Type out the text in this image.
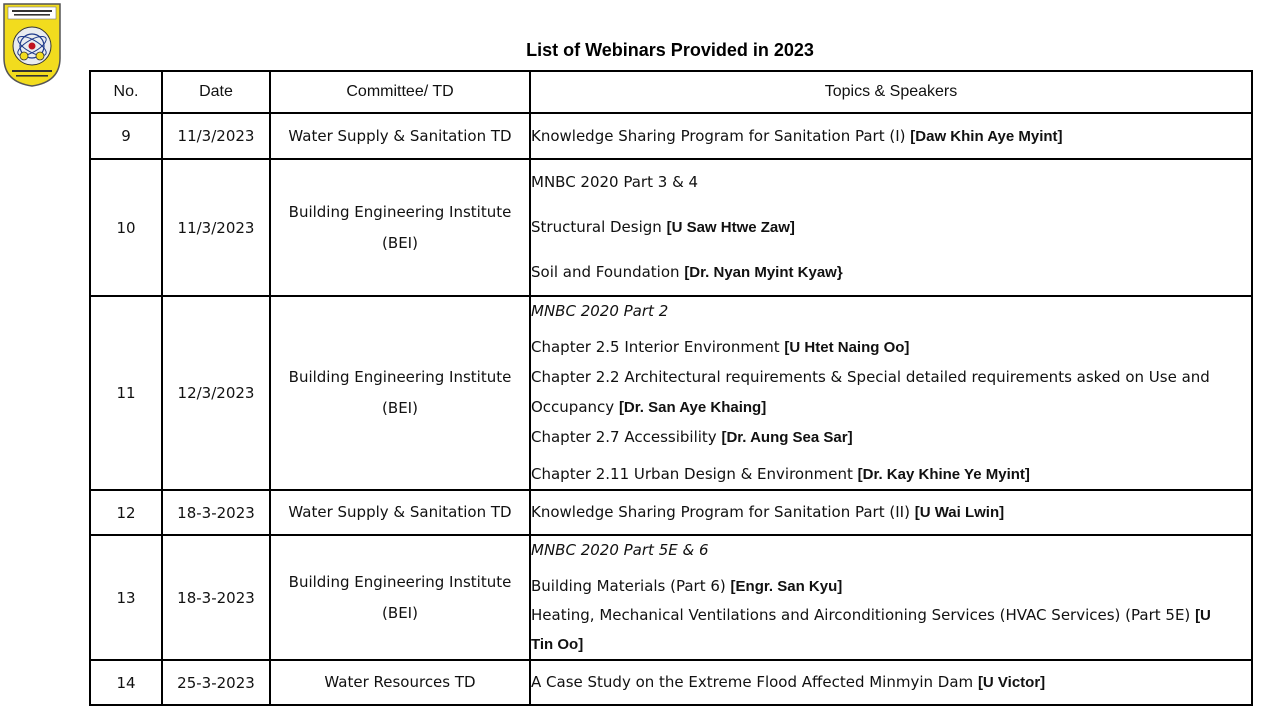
List of Webinars Provided in 2023
No.	Date	Committee/ TD	Topics & Speakers
9	11/3/2023	Water Supply & Sanitation TD	Knowledge Sharing Program for Sanitation Part (I) [Daw Khin Aye Myint]

10	11/3/2023	Building Engineering Institute
(BEI)	MNBC 2020 Part 3 & 4
Structural Design [U Saw Htwe Zaw]
Soil and Foundation [Dr. Nyan Myint Kyaw}

11	12/3/2023	Building Engineering Institute
(BEI)	MNBC 2020 Part 2
Chapter 2.5 Interior Environment [U Htet Naing Oo]
Chapter 2.2 Architectural requirements & Special detailed requirements asked on Use and Occupancy [Dr. San Aye Khaing]
Chapter 2.7 Accessibility [Dr. Aung Sea Sar]
Chapter 2.11 Urban Design & Environment [Dr. Kay Khine Ye Myint]

12	18-3-2023	Water Supply & Sanitation TD	Knowledge Sharing Program for Sanitation Part (II) [U Wai Lwin]

13	18-3-2023	Building Engineering Institute
(BEI)	MNBC 2020 Part 5E & 6
Building Materials (Part 6) [Engr. San Kyu]
Heating, Mechanical Ventilations and Airconditioning Services (HVAC Services) (Part 5E) [U Tin Oo]

14	25-3-2023	Water Resources TD	A Case Study on the Extreme Flood Affected Minmyin Dam [U Victor]
